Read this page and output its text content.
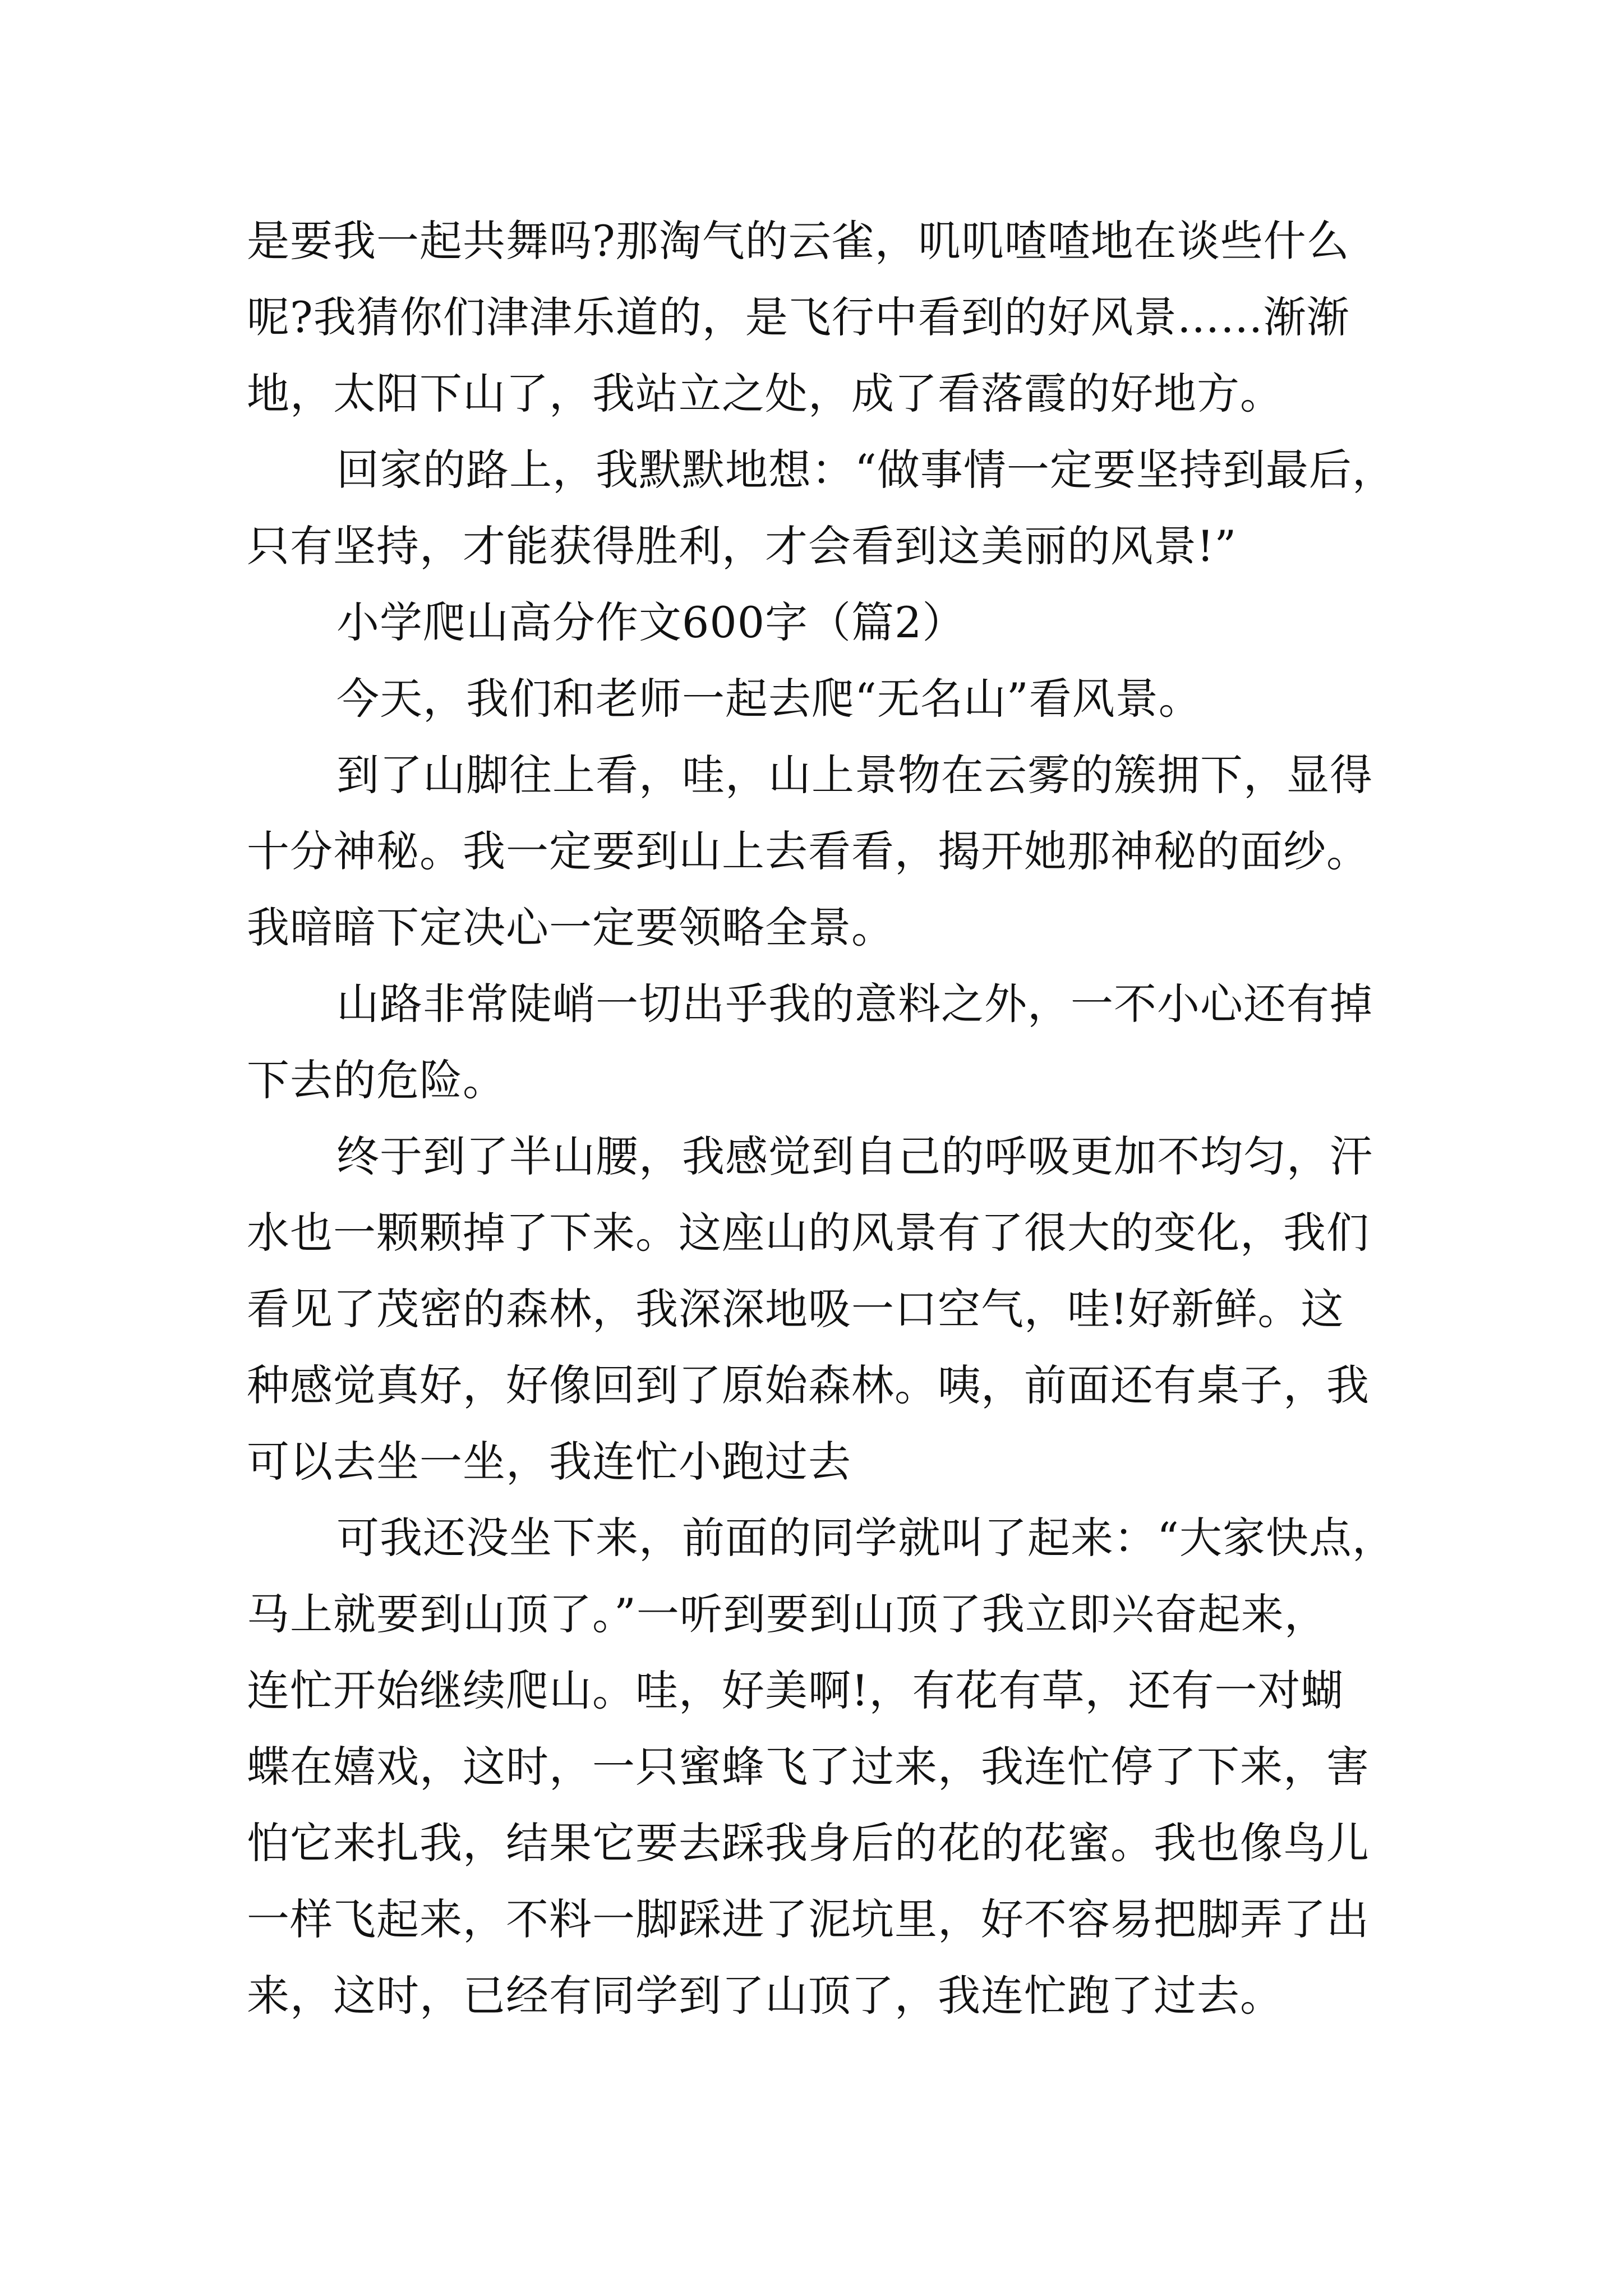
是要我一起共舞吗?那淘气的云雀，叽叽喳喳地在谈些什么
呢?我猜你们津津乐道的，是飞行中看到的好风景……渐渐
地，太阳下山了，我站立之处，成了看落霞的好地方。
回家的路上，我默默地想：“做事情一定要坚持到最后，
只有坚持，才能获得胜利，才会看到这美丽的风景!”
小学爬山高分作文600字（篇2）
今天，我们和老师一起去爬“无名山”看风景。
到了山脚往上看，哇，山上景物在云雾的簇拥下，显得
十分神秘。我一定要到山上去看看，揭开她那神秘的面纱。
我暗暗下定决心一定要领略全景。
山路非常陡峭一切出乎我的意料之外，一不小心还有掉
下去的危险。
终于到了半山腰，我感觉到自己的呼吸更加不均匀，汗
水也一颗颗掉了下来。这座山的风景有了很大的变化，我们
看见了茂密的森林，我深深地吸一口空气，哇!好新鲜。这
种感觉真好，好像回到了原始森林。咦，前面还有桌子，我
可以去坐一坐，我连忙小跑过去
可我还没坐下来，前面的同学就叫了起来：“大家快点，
马上就要到山顶了。”一听到要到山顶了我立即兴奋起来，
连忙开始继续爬山。哇，好美啊!，有花有草，还有一对蝴
蝶在嬉戏，这时，一只蜜蜂飞了过来，我连忙停了下来，害
怕它来扎我，结果它要去踩我身后的花的花蜜。我也像鸟儿
一样飞起来，不料一脚踩进了泥坑里，好不容易把脚弄了出
来，这时，已经有同学到了山顶了，我连忙跑了过去。
